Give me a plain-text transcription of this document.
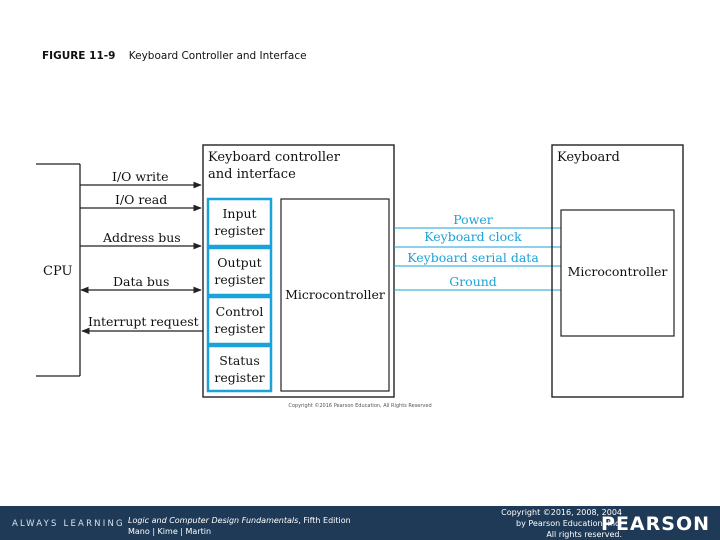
FIGURE 11-9 Keyboard Controller and Interface
CPU
I/O write
I/O read
Address bus
Data bus
Interrupt request
Keyboard controller
and interface
Input
register
Output
register
Control
register
Status
register
Microcontroller
Power
Keyboard clock
Keyboard serial data
Ground
Keyboard
Microcontroller
Copyright ©2016 Pearson Education, All Rights Reserved
ALWAYS LEARNING Logic and Computer Design Fundamentals, Fifth Edition
Mano | Kime | Martin
Copyright ©2016, 2008, 2004
by Pearson Education, Inc.
All rights reserved.
PEARSON
